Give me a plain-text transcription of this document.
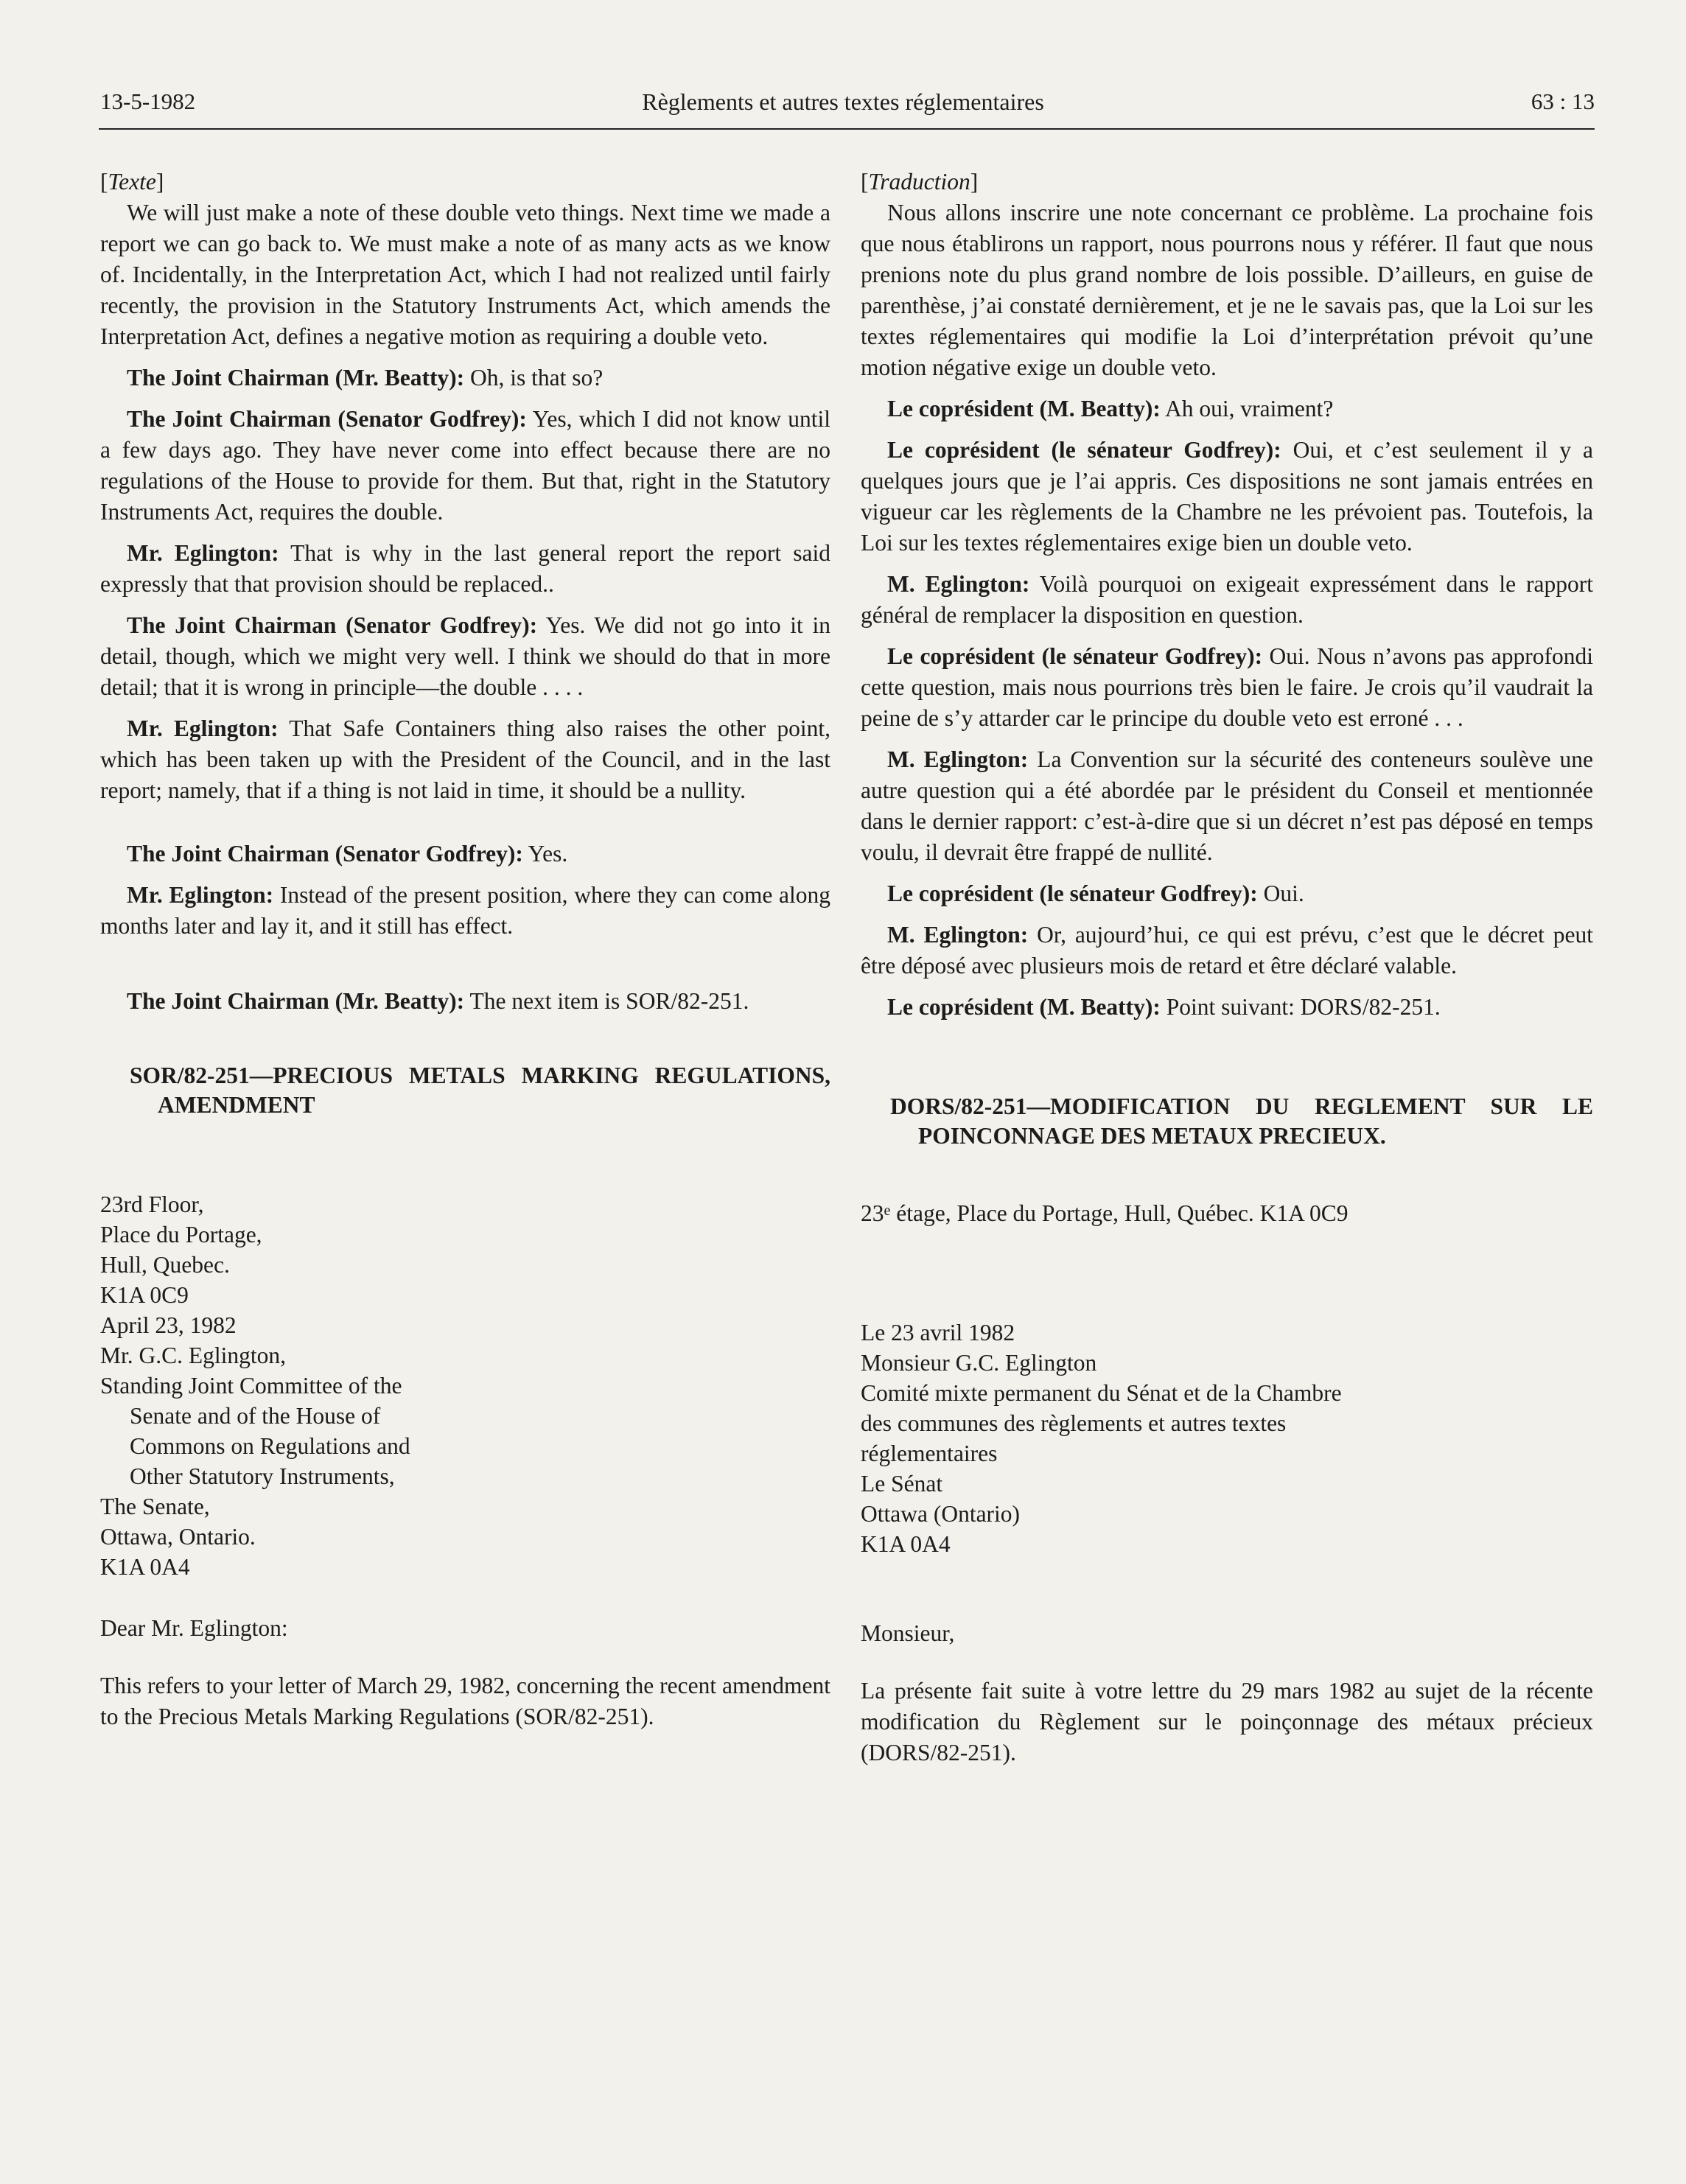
13-5-1982	Règlements et autres textes réglementaires	63 : 13

[Texte]

We will just make a note of these double veto things. Next time we made a report we can go back to. We must make a note of as many acts as we know of. Incidentally, in the Interpretation Act, which I had not realized until fairly recently, the provision in the Statutory Instruments Act, which amends the Interpretation Act, defines a negative motion as requiring a double veto.

The Joint Chairman (Mr. Beatty): Oh, is that so?

The Joint Chairman (Senator Godfrey): Yes, which I did not know until a few days ago. They have never come into effect because there are no regulations of the House to provide for them. But that, right in the Statutory Instruments Act, requires the double.

Mr. Eglington: That is why in the last general report the report said expressly that that provision should be replaced..

The Joint Chairman (Senator Godfrey): Yes. We did not go into it in detail, though, which we might very well. I think we should do that in more detail; that it is wrong in principle—the double . . . .

Mr. Eglington: That Safe Containers thing also raises the other point, which has been taken up with the President of the Council, and in the last report; namely, that if a thing is not laid in time, it should be a nullity.

The Joint Chairman (Senator Godfrey): Yes.

Mr. Eglington: Instead of the present position, where they can come along months later and lay it, and it still has effect.

The Joint Chairman (Mr. Beatty): The next item is SOR/82-251.

SOR/82-251—PRECIOUS METALS MARKING REGULATIONS, AMENDMENT

23rd Floor,
Place du Portage,
Hull, Quebec.
K1A 0C9
April 23, 1982
Mr. G.C. Eglington,
Standing Joint Committee of the
Senate and of the House of
Commons on Regulations and
Other Statutory Instruments,
The Senate,
Ottawa, Ontario.
K1A 0A4

Dear Mr. Eglington:

This refers to your letter of March 29, 1982, concerning the recent amendment to the Precious Metals Marking Regulations (SOR/82-251).

[Traduction]

Nous allons inscrire une note concernant ce problème. La prochaine fois que nous établirons un rapport, nous pourrons nous y référer. Il faut que nous prenions note du plus grand nombre de lois possible. D’ailleurs, en guise de parenthèse, j’ai constaté dernièrement, et je ne le savais pas, que la Loi sur les textes réglementaires qui modifie la Loi d’interprétation prévoit qu’une motion négative exige un double veto.

Le coprésident (M. Beatty): Ah oui, vraiment?

Le coprésident (le sénateur Godfrey): Oui, et c’est seulement il y a quelques jours que je l’ai appris. Ces dispositions ne sont jamais entrées en vigueur car les règlements de la Chambre ne les prévoient pas. Toutefois, la Loi sur les textes réglementaires exige bien un double veto.

M. Eglington: Voilà pourquoi on exigeait expressément dans le rapport général de remplacer la disposition en question.

Le coprésident (le sénateur Godfrey): Oui. Nous n’avons pas approfondi cette question, mais nous pourrions très bien le faire. Je crois qu’il vaudrait la peine de s’y attarder car le principe du double veto est erroné . . .

M. Eglington: La Convention sur la sécurité des conteneurs soulève une autre question qui a été abordée par le président du Conseil et mentionnée dans le dernier rapport: c’est-à-dire que si un décret n’est pas déposé en temps voulu, il devrait être frappé de nullité.

Le coprésident (le sénateur Godfrey): Oui.

M. Eglington: Or, aujourd’hui, ce qui est prévu, c’est que le décret peut être déposé avec plusieurs mois de retard et être déclaré valable.

Le coprésident (M. Beatty): Point suivant: DORS/82-251.

DORS/82-251—MODIFICATION DU REGLEMENT SUR LE POINCONNAGE DES METAUX PRECIEUX.

23e étage, Place du Portage, Hull, Québec. K1A 0C9

Le 23 avril 1982
Monsieur G.C. Eglington
Comité mixte permanent du Sénat et de la Chambre
des communes des règlements et autres textes
réglementaires
Le Sénat
Ottawa (Ontario)
K1A 0A4

Monsieur,

La présente fait suite à votre lettre du 29 mars 1982 au sujet de la récente modification du Règlement sur le poinçonnage des métaux précieux (DORS/82-251).
